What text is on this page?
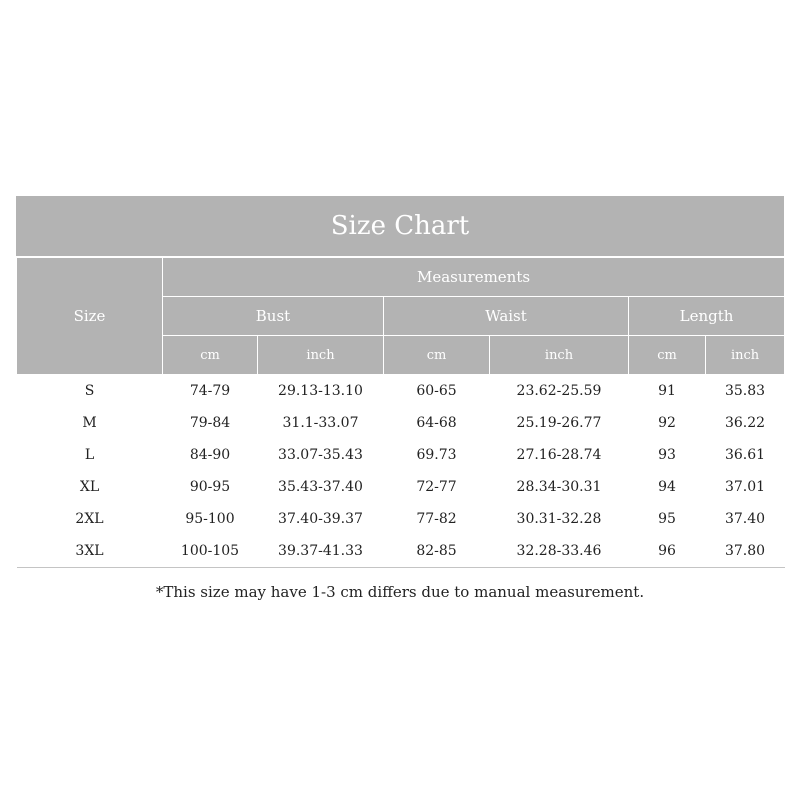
Size Chart
Size	Measurements					
	Bust		Waist		Length	
	cm	inch	cm	inch	cm	inch
S	74-79	29.13-13.10	60-65	23.62-25.59	91	35.83
M	79-84	31.1-33.07	64-68	25.19-26.77	92	36.22
L	84-90	33.07-35.43	69.73	27.16-28.74	93	36.61
XL	90-95	35.43-37.40	72-77	28.34-30.31	94	37.01
2XL	95-100	37.40-39.37	77-82	30.31-32.28	95	37.40
3XL	100-105	39.37-41.33	82-85	32.28-33.46	96	37.80
*This size may have 1-3 cm differs due to manual measurement.
